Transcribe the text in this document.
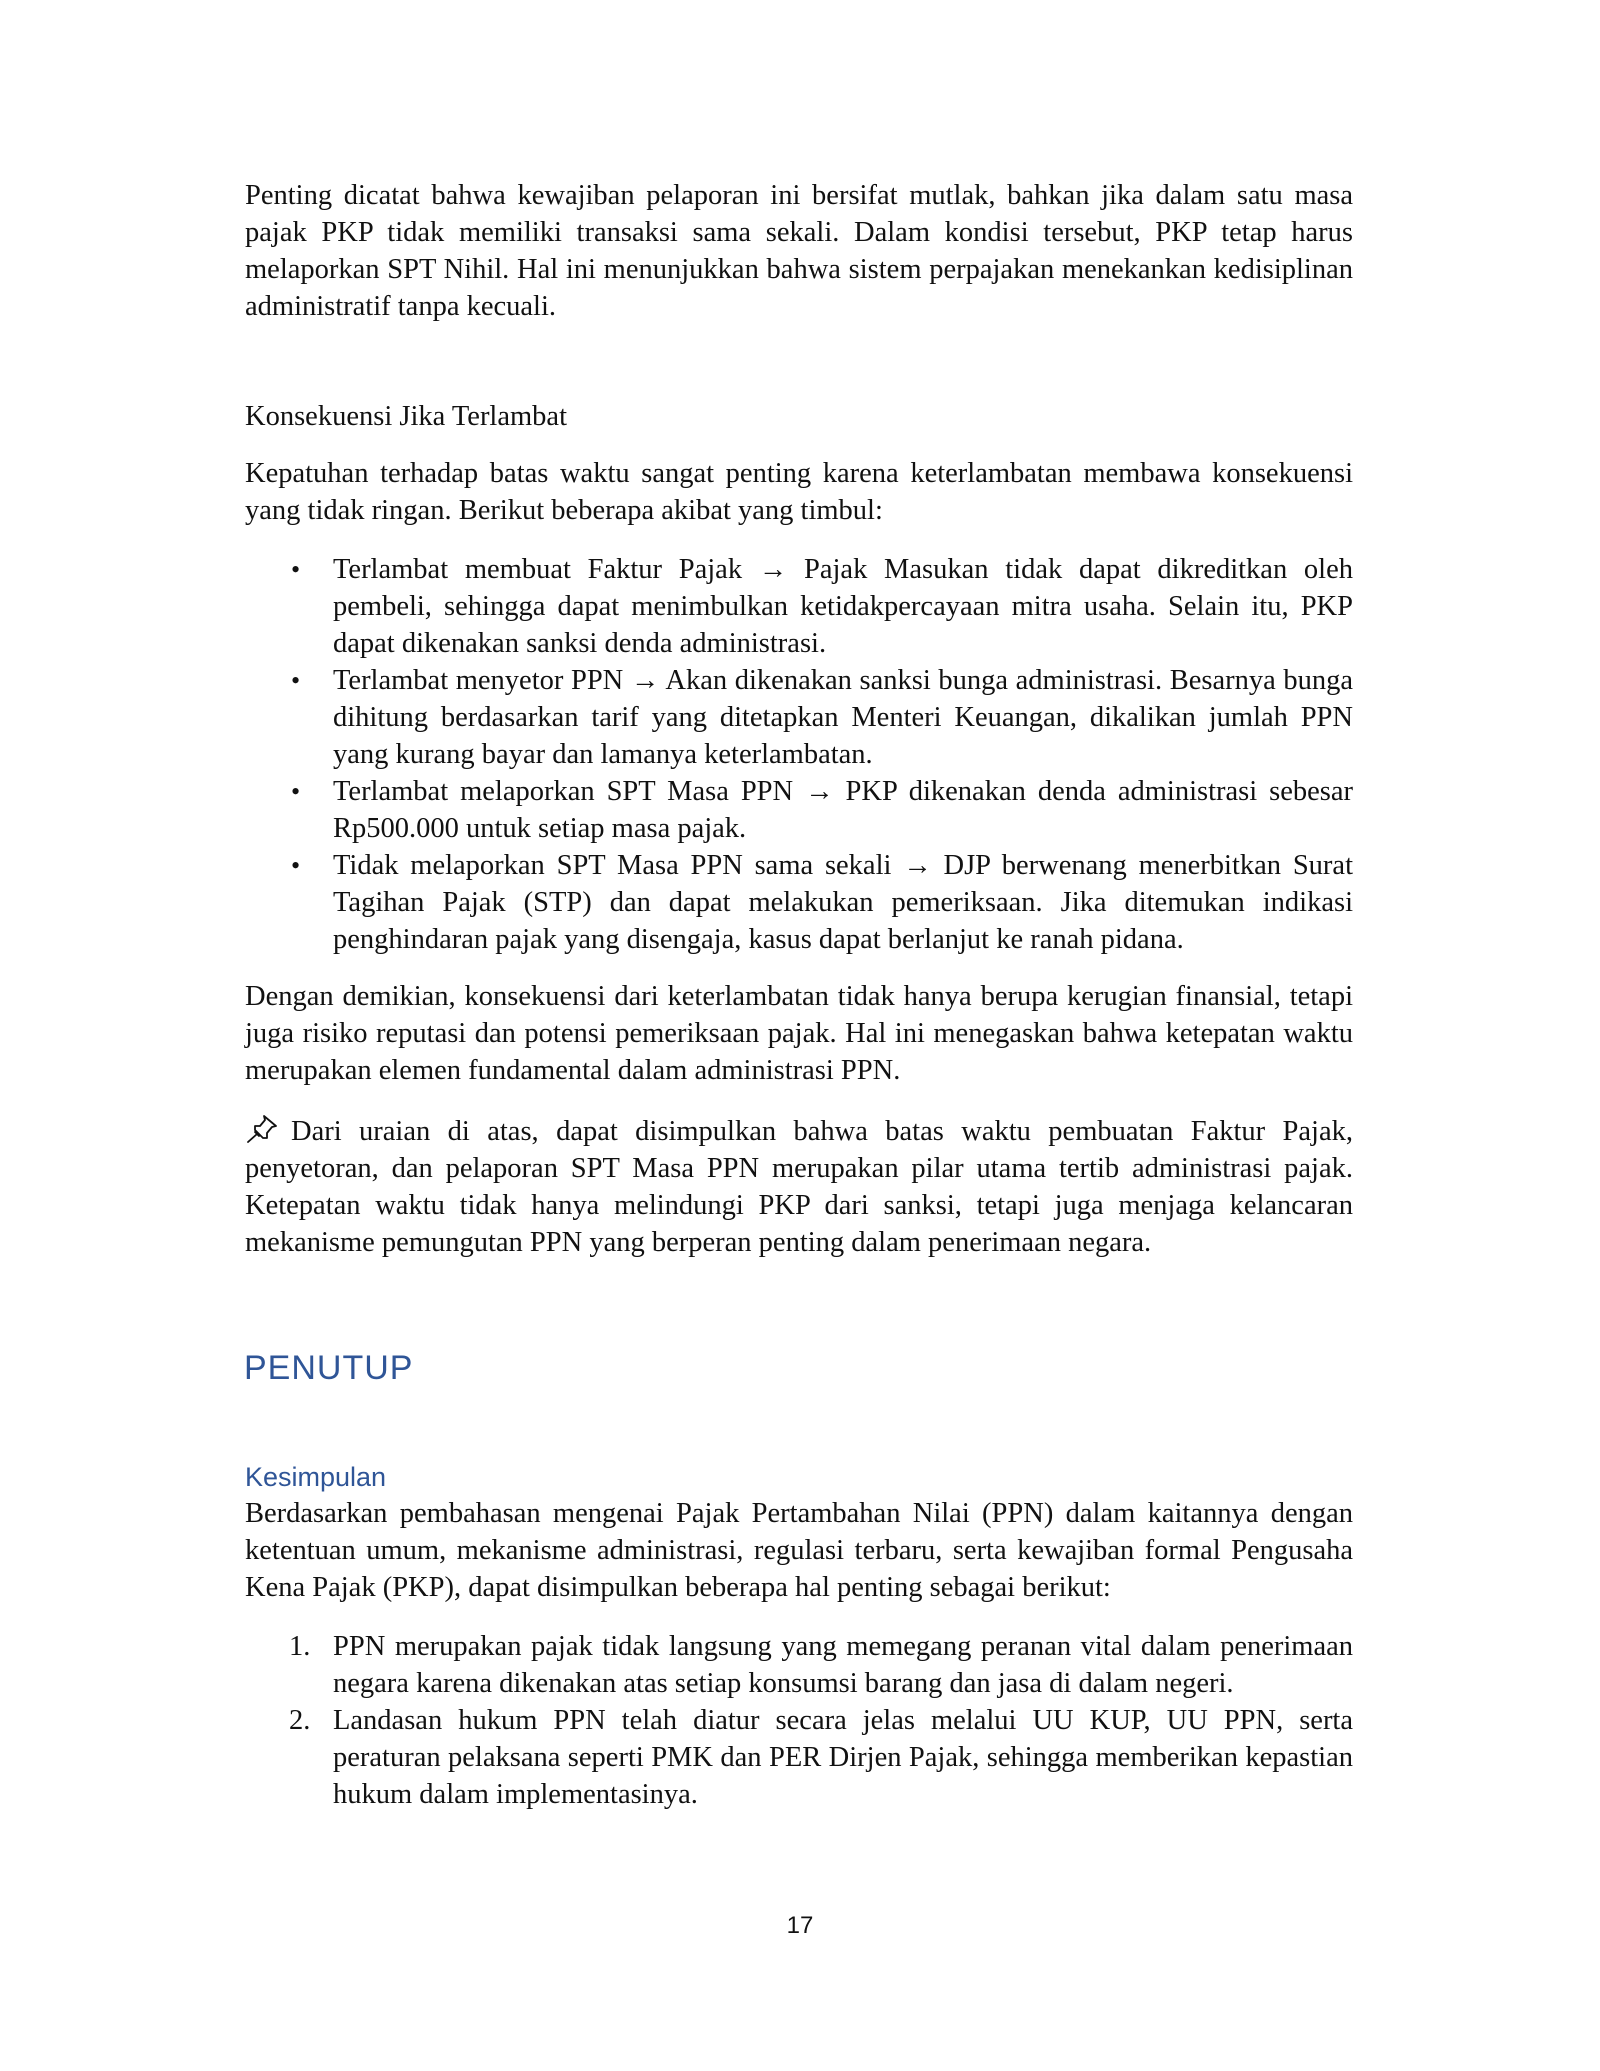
Penting dicatat bahwa kewajiban pelaporan ini bersifat mutlak, bahkan jika dalam satu masa pajak PKP tidak memiliki transaksi sama sekali. Dalam kondisi tersebut, PKP tetap harus melaporkan SPT Nihil. Hal ini menunjukkan bahwa sistem perpajakan menekankan kedisiplinan administratif tanpa kecuali.

Konsekuensi Jika Terlambat

Kepatuhan terhadap batas waktu sangat penting karena keterlambatan membawa konsekuensi yang tidak ringan. Berikut beberapa akibat yang timbul:

• Terlambat membuat Faktur Pajak → Pajak Masukan tidak dapat dikreditkan oleh pembeli, sehingga dapat menimbulkan ketidakpercayaan mitra usaha. Selain itu, PKP dapat dikenakan sanksi denda administrasi.
• Terlambat menyetor PPN → Akan dikenakan sanksi bunga administrasi. Besarnya bunga dihitung berdasarkan tarif yang ditetapkan Menteri Keuangan, dikalikan jumlah PPN yang kurang bayar dan lamanya keterlambatan.
• Terlambat melaporkan SPT Masa PPN → PKP dikenakan denda administrasi sebesar Rp500.000 untuk setiap masa pajak.
• Tidak melaporkan SPT Masa PPN sama sekali → DJP berwenang menerbitkan Surat Tagihan Pajak (STP) dan dapat melakukan pemeriksaan. Jika ditemukan indikasi penghindaran pajak yang disengaja, kasus dapat berlanjut ke ranah pidana.

Dengan demikian, konsekuensi dari keterlambatan tidak hanya berupa kerugian finansial, tetapi juga risiko reputasi dan potensi pemeriksaan pajak. Hal ini menegaskan bahwa ketepatan waktu merupakan elemen fundamental dalam administrasi PPN.

Dari uraian di atas, dapat disimpulkan bahwa batas waktu pembuatan Faktur Pajak, penyetoran, dan pelaporan SPT Masa PPN merupakan pilar utama tertib administrasi pajak. Ketepatan waktu tidak hanya melindungi PKP dari sanksi, tetapi juga menjaga kelancaran mekanisme pemungutan PPN yang berperan penting dalam penerimaan negara.

PENUTUP
Kesimpulan

Berdasarkan pembahasan mengenai Pajak Pertambahan Nilai (PPN) dalam kaitannya dengan ketentuan umum, mekanisme administrasi, regulasi terbaru, serta kewajiban formal Pengusaha Kena Pajak (PKP), dapat disimpulkan beberapa hal penting sebagai berikut:

1. PPN merupakan pajak tidak langsung yang memegang peranan vital dalam penerimaan negara karena dikenakan atas setiap konsumsi barang dan jasa di dalam negeri.
2. Landasan hukum PPN telah diatur secara jelas melalui UU KUP, UU PPN, serta peraturan pelaksana seperti PMK dan PER Dirjen Pajak, sehingga memberikan kepastian hukum dalam implementasinya.
17
